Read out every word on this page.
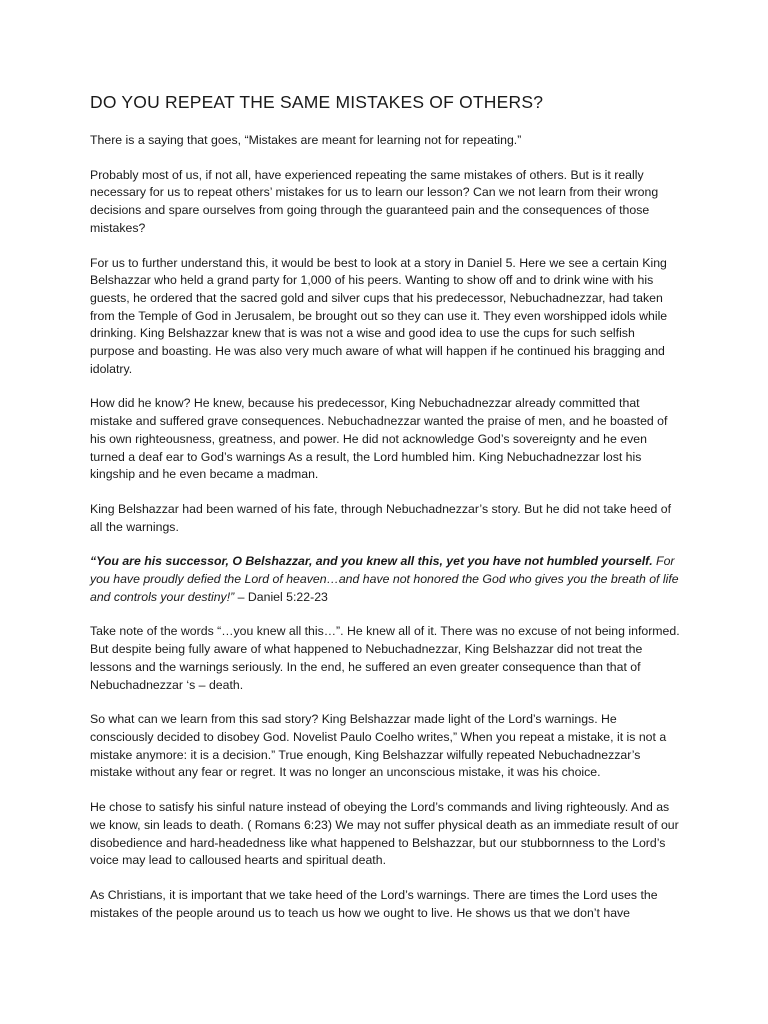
DO YOU REPEAT THE SAME MISTAKES OF OTHERS?

There is a saying that goes, “Mistakes are meant for learning not for repeating.”

Probably most of us, if not all, have experienced repeating the same mistakes of others. But is it really necessary for us to repeat others’ mistakes for us to learn our lesson? Can we not learn from their wrong decisions and spare ourselves from going through the guaranteed pain and the consequences of those mistakes?

For us to further understand this, it would be best to look at a story in Daniel 5. Here we see a certain King Belshazzar who held a grand party for 1,000 of his peers. Wanting to show off and to drink wine with his guests, he ordered that the sacred gold and silver cups that his predecessor, Nebuchadnezzar, had taken from the Temple of God in Jerusalem, be brought out so they can use it. They even worshipped idols while drinking. King Belshazzar knew that is was not a wise and good idea to use the cups for such selfish purpose and boasting. He was also very much aware of what will happen if he continued his bragging and idolatry.

How did he know? He knew, because his predecessor, King Nebuchadnezzar already committed that mistake and suffered grave consequences. Nebuchadnezzar wanted the praise of men, and he boasted of his own righteousness, greatness, and power. He did not acknowledge God’s sovereignty and he even turned a deaf ear to God’s warnings As a result, the Lord humbled him. King Nebuchadnezzar lost his kingship and he even became a madman.

King Belshazzar had been warned of his fate, through Nebuchadnezzar’s story. But he did not take heed of all the warnings.

“You are his successor, O Belshazzar, and you knew all this, yet you have not humbled yourself. For you have proudly defied the Lord of heaven…and have not honored the God who gives you the breath of life and controls your destiny!” – Daniel 5:22-23

Take note of the words “…you knew all this…”. He knew all of it. There was no excuse of not being informed. But despite being fully aware of what happened to Nebuchadnezzar, King Belshazzar did not treat the lessons and the warnings seriously. In the end, he suffered an even greater consequence than that of Nebuchadnezzar ‘s – death.

So what can we learn from this sad story? King Belshazzar made light of the Lord’s warnings. He consciously decided to disobey God. Novelist Paulo Coelho writes,” When you repeat a mistake, it is not a mistake anymore: it is a decision.” True enough, King Belshazzar wilfully repeated Nebuchadnezzar’s mistake without any fear or regret. It was no longer an unconscious mistake, it was his choice.

He chose to satisfy his sinful nature instead of obeying the Lord’s commands and living righteously. And as we know, sin leads to death. ( Romans 6:23) We may not suffer physical death as an immediate result of our disobedience and hard-headedness like what happened to Belshazzar, but our stubbornness to the Lord’s voice may lead to calloused hearts and spiritual death.

As Christians, it is important that we take heed of the Lord’s warnings. There are times the Lord uses the mistakes of the people around us to teach us how we ought to live. He shows us that we don’t have
